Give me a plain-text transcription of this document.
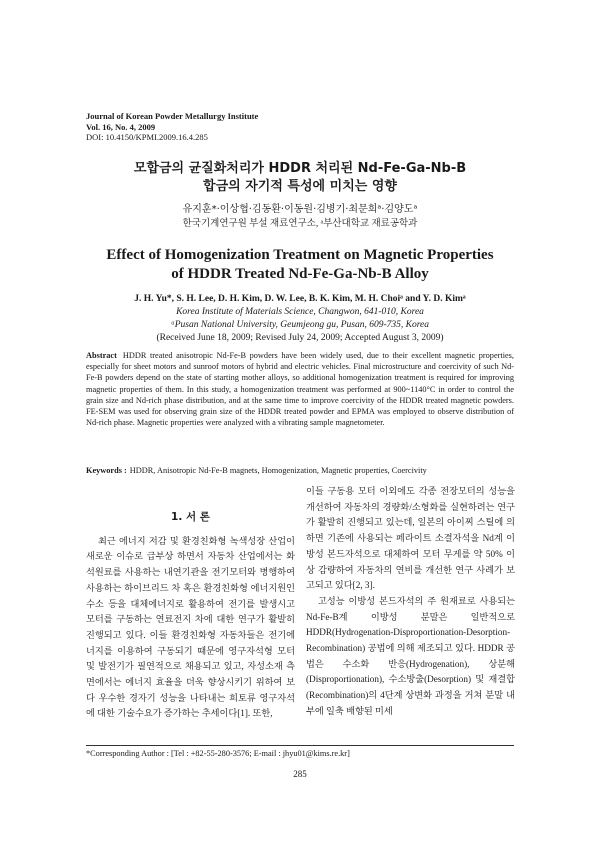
Journal of Korean Powder Metallurgy Institute
Vol. 16, No. 4, 2009
DOI: 10.4150/KPMI.2009.16.4.285
모합금의 균질화처리가 HDDR 처리된 Nd-Fe-Ga-Nb-B
합금의 자기적 특성에 미치는 영향
유지훈*·이상협·김동환·이동원·김병기·최문희ᵃ·김양도ᵃ
한국기계연구원 부설 재료연구소, ᵃ부산대학교 재료공학과
Effect of Homogenization Treatment on Magnetic Properties
of HDDR Treated Nd-Fe-Ga-Nb-B Alloy
J. H. Yu*, S. H. Lee, D. H. Kim, D. W. Lee, B. K. Kim, M. H. Choiᵃ and Y. D. Kimᵃ
Korea Institute of Materials Science, Changwon, 641-010, Korea
ᵃPusan National University, Geumjeong gu, Pusan, 609-735, Korea
(Received June 18, 2009; Revised July 24, 2009; Accepted August 3, 2009)
Abstract HDDR treated anisotropic Nd-Fe-B powders have been widely used, due to their excellent magnetic properties, especially for sheet motors and sunroof motors of hybrid and electric vehicles. Final microstructure and coercivity of such Nd-Fe-B powders depend on the state of starting mother alloys, so additional homogenization treatment is required for improving magnetic properties of them. In this study, a homogenization treatment was performed at 900~1140°C in order to control the grain size and Nd-rich phase distribution, and at the same time to improve coercivity of the HDDR treated magnetic powders. FE-SEM was used for observing grain size of the HDDR treated powder and EPMA was employed to observe distribution of Nd-rich phase. Magnetic properties were analyzed with a vibrating sample magnetometer.
Keywords : HDDR, Anisotropic Nd-Fe-B magnets, Homogenization, Magnetic properties, Coercivity
1. 서 론

최근 에너지 저감 및 환경친화형 녹색성장 산업이 새로운 이슈로 급부상 하면서 자동차 산업에서는 화석원료를 사용하는 내연기관을 전기모터와 병행하여 사용하는 하이브리드 차 혹은 환경친화형 에너지원인 수소 등을 대체에너지로 활용하여 전기를 발생시고 모터를 구동하는 연료전지 차에 대한 연구가 활발히 진행되고 있다. 이들 환경친화형 자동차들은 전기에너지를 이용하여 구동되기 때문에 영구자석형 모터 및 발전기가 필연적으로 채용되고 있고, 자성소재 측면에서는 에너지 효율을 더욱 향상시키기 위하여 보다 우수한 경자기 성능을 나타내는 희토류 영구자석에 대한 기술수요가 증가하는 추세이다[1]. 또한,

이들 구동용 모터 이외에도 각종 전장모터의 성능을 개선하여 자동차의 경량화/소형화를 실현하려는 연구가 활발히 진행되고 있는데, 일본의 아이찌 스틸에 의하면 기존에 사용되는 페라이트 소결자석을 Nd계 이방성 본드자석으로 대체하여 모터 무게를 약 50% 이상 감량하여 자동차의 연비를 개선한 연구 사례가 보고되고 있다[2, 3].

고성능 이방성 본드자석의 주 원재료로 사용되는 Nd-Fe-B계 이방성 분말은 일반적으로 HDDR(Hydrogenation-Disproportionation-Desorption-Recombination) 공법에 의해 제조되고 있다. HDDR 공법은 수소화 반응(Hydrogenation), 상분해(Disproportionation), 수소방출(Desorption) 및 재결합(Recombination)의 4단계 상변화 과정을 거쳐 분말 내부에 일축 배향된 미세

*Corresponding Author : [Tel : +82-55-280-3576; E-mail : jhyu01@kims.re.kr]
285
